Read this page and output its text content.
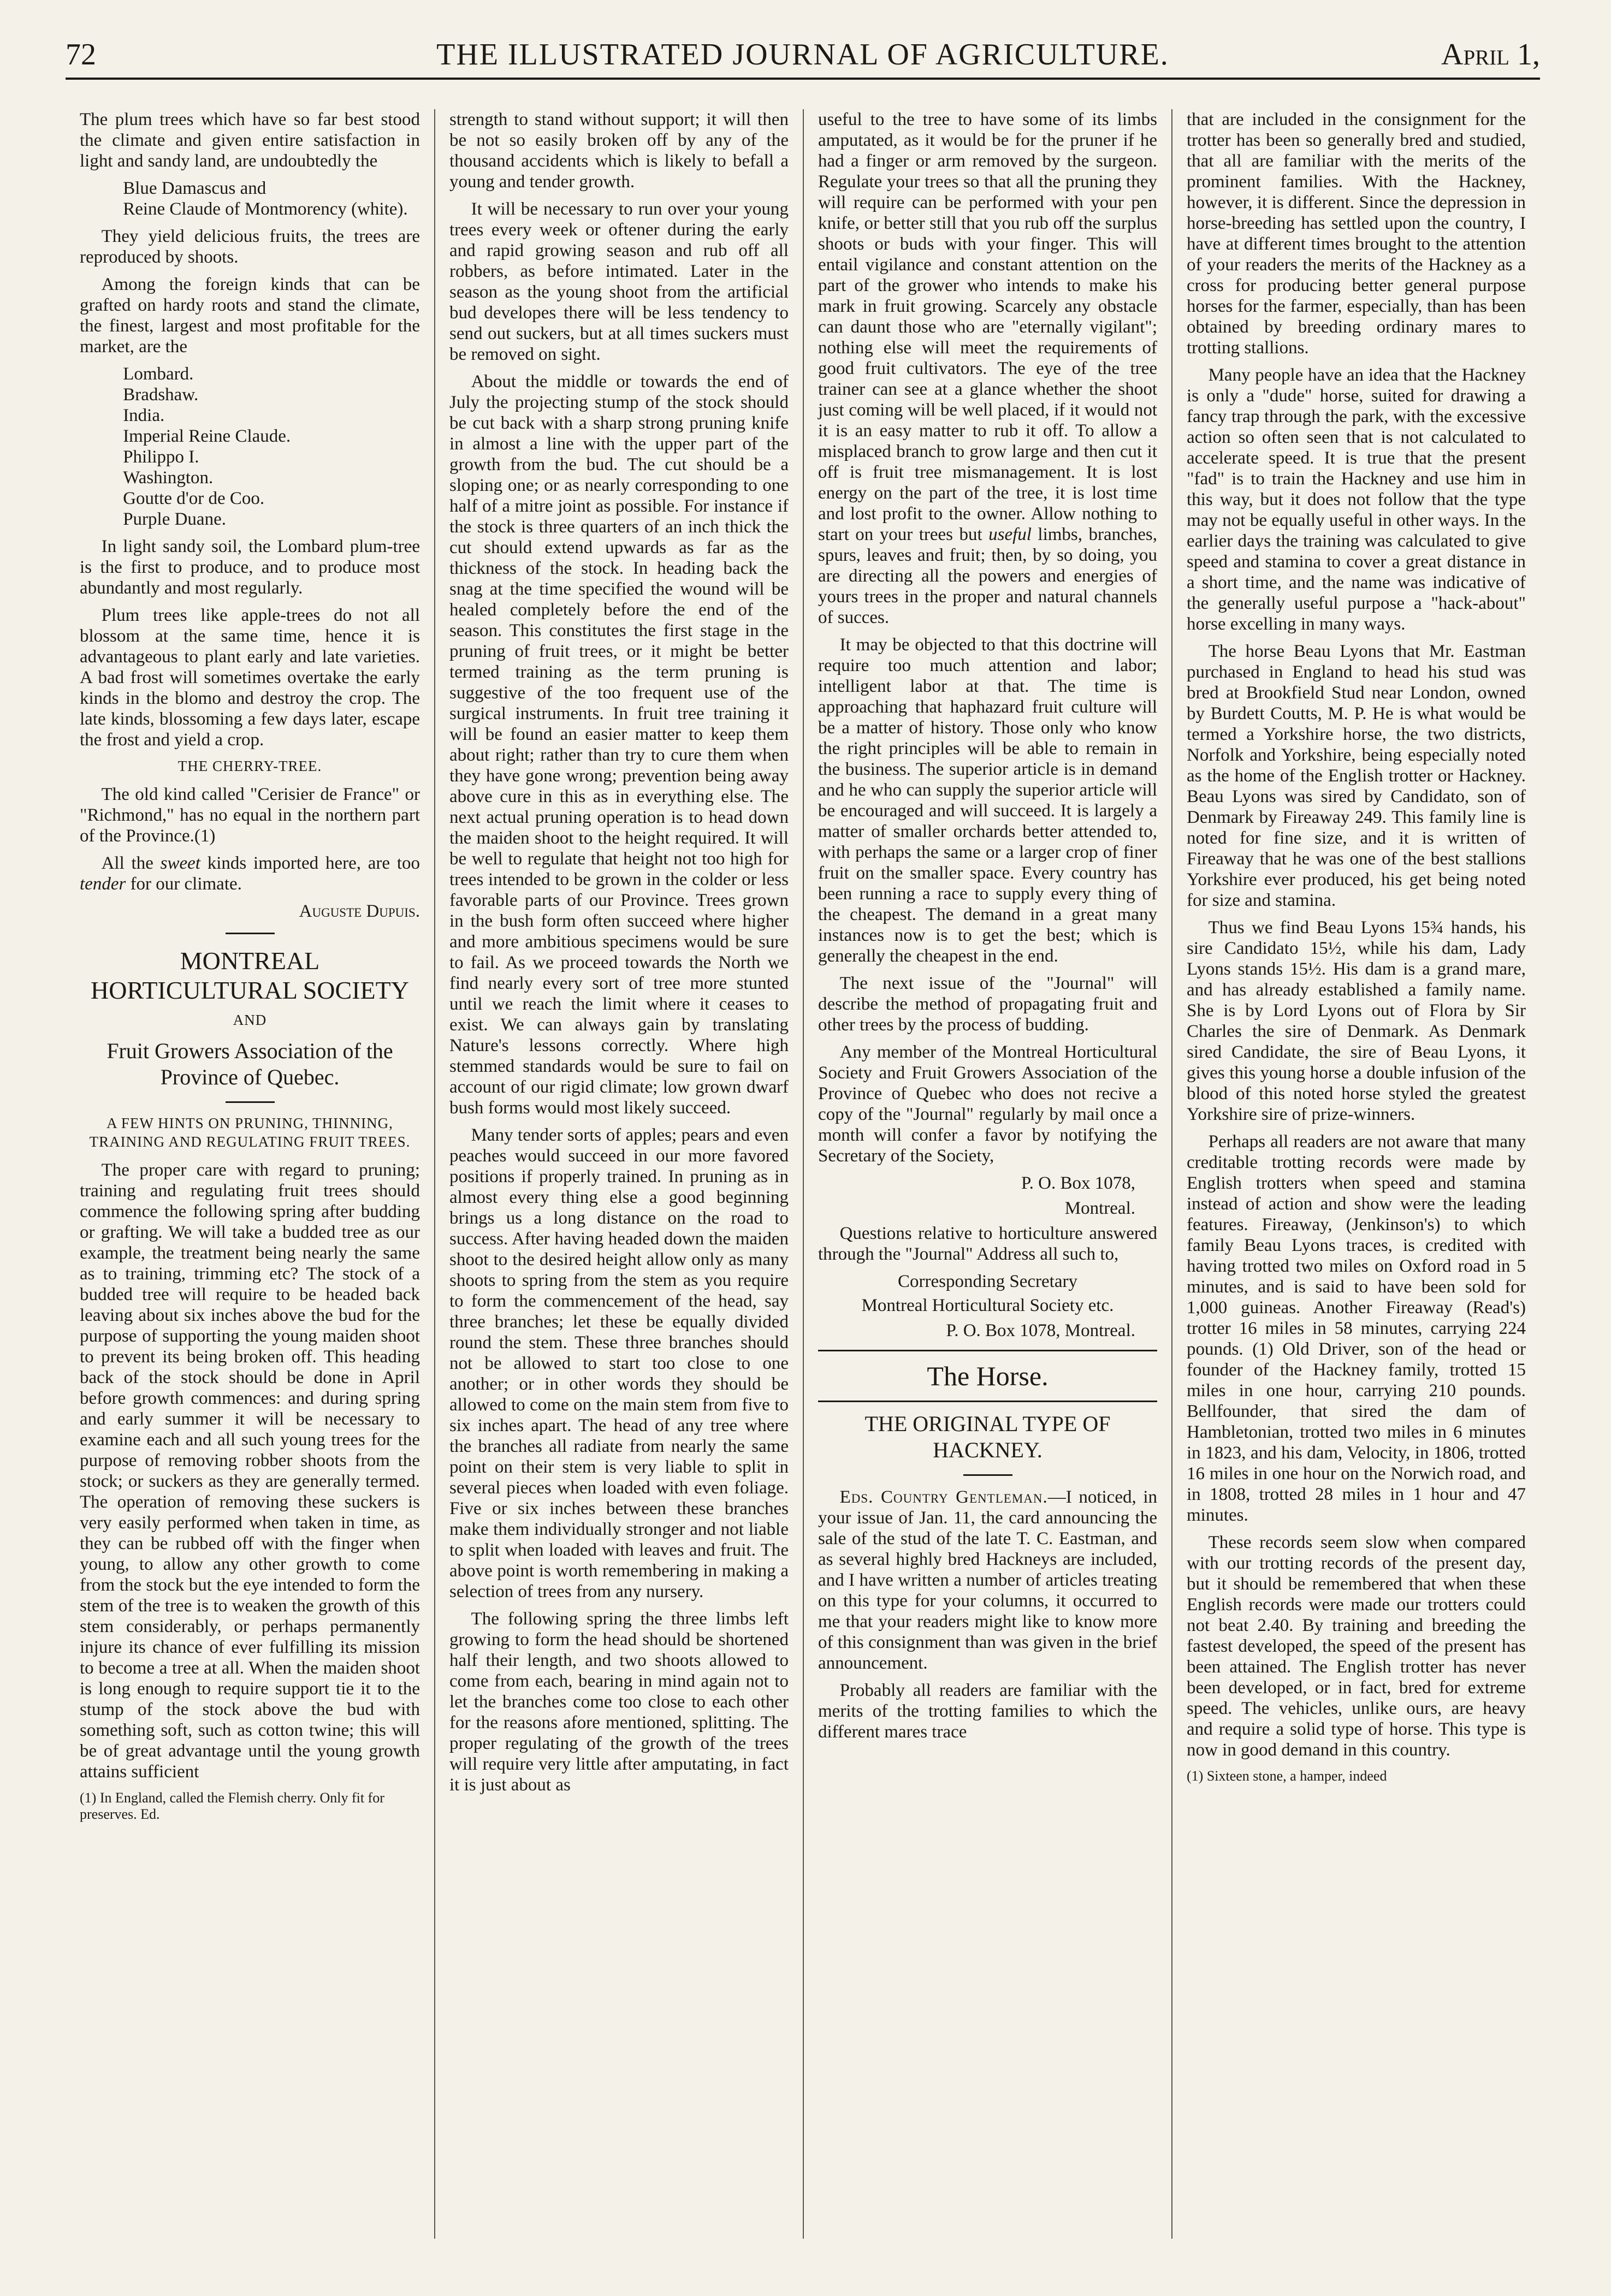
72	THE ILLUSTRATED JOURNAL OF AGRICULTURE.	April 1,

The plum trees which have so far best stood the climate and given entire satisfaction in light and sandy land, are undoubtedly the

Blue Damascus and
Reine Claude of Montmorency (white).

They yield delicious fruits, the trees are reproduced by shoots.

Among the foreign kinds that can be grafted on hardy roots and stand the climate, the finest, largest and most profitable for the market, are the

Lombard.
Bradshaw.
India.
Imperial Reine Claude.
Philippo I.
Washington.
Goutte d'or de Coo.
Purple Duane.

In light sandy soil, the Lombard plum-tree is the first to produce, and to produce most abundantly and most regularly.

Plum trees like apple-trees do not all blossom at the same time, hence it is advantageous to plant early and late varieties. A bad frost will sometimes overtake the early kinds in the blomo and destroy the crop. The late kinds, blossoming a few days later, escape the frost and yield a crop.

THE CHERRY-TREE.

The old kind called "Cerisier de France" or "Richmond," has no equal in the northern part of the Province.(1)

All the sweet kinds imported here, are too tender for our climate.

Auguste Dupuis.
MONTREAL HORTICULTURAL SOCIETY
AND
Fruit Growers Association of the Province of Quebec.
A FEW HINTS ON PRUNING, THINNING, TRAINING AND REGULATING FRUIT TREES.

The proper care with regard to pruning; training and regulating fruit trees should commence the following spring after budding or grafting. We will take a budded tree as our example, the treatment being nearly the same as to training, trimming etc? The stock of a budded tree will require to be headed back leaving about six inches above the bud for the purpose of supporting the young maiden shoot to prevent its being broken off. This heading back of the stock should be done in April before growth commences: and during spring and early summer it will be necessary to examine each and all such young trees for the purpose of removing robber shoots from the stock; or suckers as they are generally termed. The operation of removing these suckers is very easily performed when taken in time, as they can be rubbed off with the finger when young, to allow any other growth to come from the stock but the eye intended to form the stem of the tree is to weaken the growth of this stem considerably, or perhaps permanently injure its chance of ever fulfilling its mission to become a tree at all. When the maiden shoot is long enough to require support tie it to the stump of the stock above the bud with something soft, such as cotton twine; this will be of great advantage until the young growth attains sufficient

(1) In England, called the Flemish cherry. Only fit for preserves. Ed.

strength to stand without support; it will then be not so easily broken off by any of the thousand accidents which is likely to befall a young and tender growth.

It will be necessary to run over your young trees every week or oftener during the early and rapid growing season and rub off all robbers, as before intimated. Later in the season as the young shoot from the artificial bud developes there will be less tendency to send out suckers, but at all times suckers must be removed on sight.

About the middle or towards the end of July the projecting stump of the stock should be cut back with a sharp strong pruning knife in almost a line with the upper part of the growth from the bud. The cut should be a sloping one; or as nearly corresponding to one half of a mitre joint as possible. For instance if the stock is three quarters of an inch thick the cut should extend upwards as far as the thickness of the stock. In heading back the snag at the time specified the wound will be healed completely before the end of the season. This constitutes the first stage in the pruning of fruit trees, or it might be better termed training as the term pruning is suggestive of the too frequent use of the surgical instruments. In fruit tree training it will be found an easier matter to keep them about right; rather than try to cure them when they have gone wrong; prevention being away above cure in this as in everything else. The next actual pruning operation is to head down the maiden shoot to the height required. It will be well to regulate that height not too high for trees intended to be grown in the colder or less favorable parts of our Province. Trees grown in the bush form often succeed where higher and more ambitious specimens would be sure to fail. As we proceed towards the North we find nearly every sort of tree more stunted until we reach the limit where it ceases to exist. We can always gain by translating Nature's lessons correctly. Where high stemmed standards would be sure to fail on account of our rigid climate; low grown dwarf bush forms would most likely succeed.

Many tender sorts of apples; pears and even peaches would succeed in our more favored positions if properly trained. In pruning as in almost every thing else a good beginning brings us a long distance on the road to success. After having headed down the maiden shoot to the desired height allow only as many shoots to spring from the stem as you require to form the commencement of the head, say three branches; let these be equally divided round the stem. These three branches should not be allowed to start too close to one another; or in other words they should be allowed to come on the main stem from five to six inches apart. The head of any tree where the branches all radiate from nearly the same point on their stem is very liable to split in several pieces when loaded with even foliage. Five or six inches between these branches make them individually stronger and not liable to split when loaded with leaves and fruit. The above point is worth remembering in making a selection of trees from any nursery.

The following spring the three limbs left growing to form the head should be shortened half their length, and two shoots allowed to come from each, bearing in mind again not to let the branches come too close to each other for the reasons afore mentioned, splitting. The proper regulating of the growth of the trees will require very little after amputating, in fact it is just about as

useful to the tree to have some of its limbs amputated, as it would be for the pruner if he had a finger or arm removed by the surgeon. Regulate your trees so that all the pruning they will require can be performed with your pen knife, or better still that you rub off the surplus shoots or buds with your finger. This will entail vigilance and constant attention on the part of the grower who intends to make his mark in fruit growing. Scarcely any obstacle can daunt those who are "eternally vigilant"; nothing else will meet the requirements of good fruit cultivators. The eye of the tree trainer can see at a glance whether the shoot just coming will be well placed, if it would not it is an easy matter to rub it off. To allow a misplaced branch to grow large and then cut it off is fruit tree mismanagement. It is lost energy on the part of the tree, it is lost time and lost profit to the owner. Allow nothing to start on your trees but useful limbs, branches, spurs, leaves and fruit; then, by so doing, you are directing all the powers and energies of yours trees in the proper and natural channels of succes.

It may be objected to that this doctrine will require too much attention and labor; intelligent labor at that. The time is approaching that haphazard fruit culture will be a matter of history. Those only who know the right principles will be able to remain in the business. The superior article is in demand and he who can supply the superior article will be encouraged and will succeed. It is largely a matter of smaller orchards better attended to, with perhaps the same or a larger crop of finer fruit on the smaller space. Every country has been running a race to supply every thing of the cheapest. The demand in a great many instances now is to get the best; which is generally the cheapest in the end.

The next issue of the "Journal" will describe the method of propagating fruit and other trees by the process of budding.

Any member of the Montreal Horticultural Society and Fruit Growers Association of the Province of Quebec who does not recive a copy of the "Journal" regularly by mail once a month will confer a favor by notifying the Secretary of the Society,

P. O. Box 1078,
Montreal.

Questions relative to horticulture answered through the "Journal" Address all such to,

Corresponding Secretary
Montreal Horticultural Society etc.
P. O. Box 1078, Montreal.
The Horse.
THE ORIGINAL TYPE OF HACKNEY.

Eds. Country Gentleman.—I noticed, in your issue of Jan. 11, the card announcing the sale of the stud of the late T. C. Eastman, and as several highly bred Hackneys are included, and I have written a number of articles treating on this type for your columns, it occurred to me that your readers might like to know more of this consignment than was given in the brief announcement.

Probably all readers are familiar with the merits of the trotting families to which the different mares trace

that are included in the consignment for the trotter has been so generally bred and studied, that all are familiar with the merits of the prominent families. With the Hackney, however, it is different. Since the depression in horse-breeding has settled upon the country, I have at different times brought to the attention of your readers the merits of the Hackney as a cross for producing better general purpose horses for the farmer, especially, than has been obtained by breeding ordinary mares to trotting stallions.

Many people have an idea that the Hackney is only a "dude" horse, suited for drawing a fancy trap through the park, with the excessive action so often seen that is not calculated to accelerate speed. It is true that the present "fad" is to train the Hackney and use him in this way, but it does not follow that the type may not be equally useful in other ways. In the earlier days the training was calculated to give speed and stamina to cover a great distance in a short time, and the name was indicative of the generally useful purpose a "hack-about" horse excelling in many ways.

The horse Beau Lyons that Mr. Eastman purchased in England to head his stud was bred at Brookfield Stud near London, owned by Burdett Coutts, M. P. He is what would be termed a Yorkshire horse, the two districts, Norfolk and Yorkshire, being especially noted as the home of the English trotter or Hackney. Beau Lyons was sired by Candidato, son of Denmark by Fireaway 249. This family line is noted for fine size, and it is written of Fireaway that he was one of the best stallions Yorkshire ever produced, his get being noted for size and stamina.

Thus we find Beau Lyons 15¾ hands, his sire Candidato 15½, while his dam, Lady Lyons stands 15½. His dam is a grand mare, and has already established a family name. She is by Lord Lyons out of Flora by Sir Charles the sire of Denmark. As Denmark sired Candidate, the sire of Beau Lyons, it gives this young horse a double infusion of the blood of this noted horse styled the greatest Yorkshire sire of prize-winners.

Perhaps all readers are not aware that many creditable trotting records were made by English trotters when speed and stamina instead of action and show were the leading features. Fireaway, (Jenkinson's) to which family Beau Lyons traces, is credited with having trotted two miles on Oxford road in 5 minutes, and is said to have been sold for 1,000 guineas. Another Fireaway (Read's) trotter 16 miles in 58 minutes, carrying 224 pounds. (1) Old Driver, son of the head or founder of the Hackney family, trotted 15 miles in one hour, carrying 210 pounds. Bellfounder, that sired the dam of Hambletonian, trotted two miles in 6 minutes in 1823, and his dam, Velocity, in 1806, trotted 16 miles in one hour on the Norwich road, and in 1808, trotted 28 miles in 1 hour and 47 minutes.

These records seem slow when compared with our trotting records of the present day, but it should be remembered that when these English records were made our trotters could not beat 2.40. By training and breeding the fastest developed, the speed of the present has been attained. The English trotter has never been developed, or in fact, bred for extreme speed. The vehicles, unlike ours, are heavy and require a solid type of horse. This type is now in good demand in this country.

(1) Sixteen stone, a hamper, indeed
